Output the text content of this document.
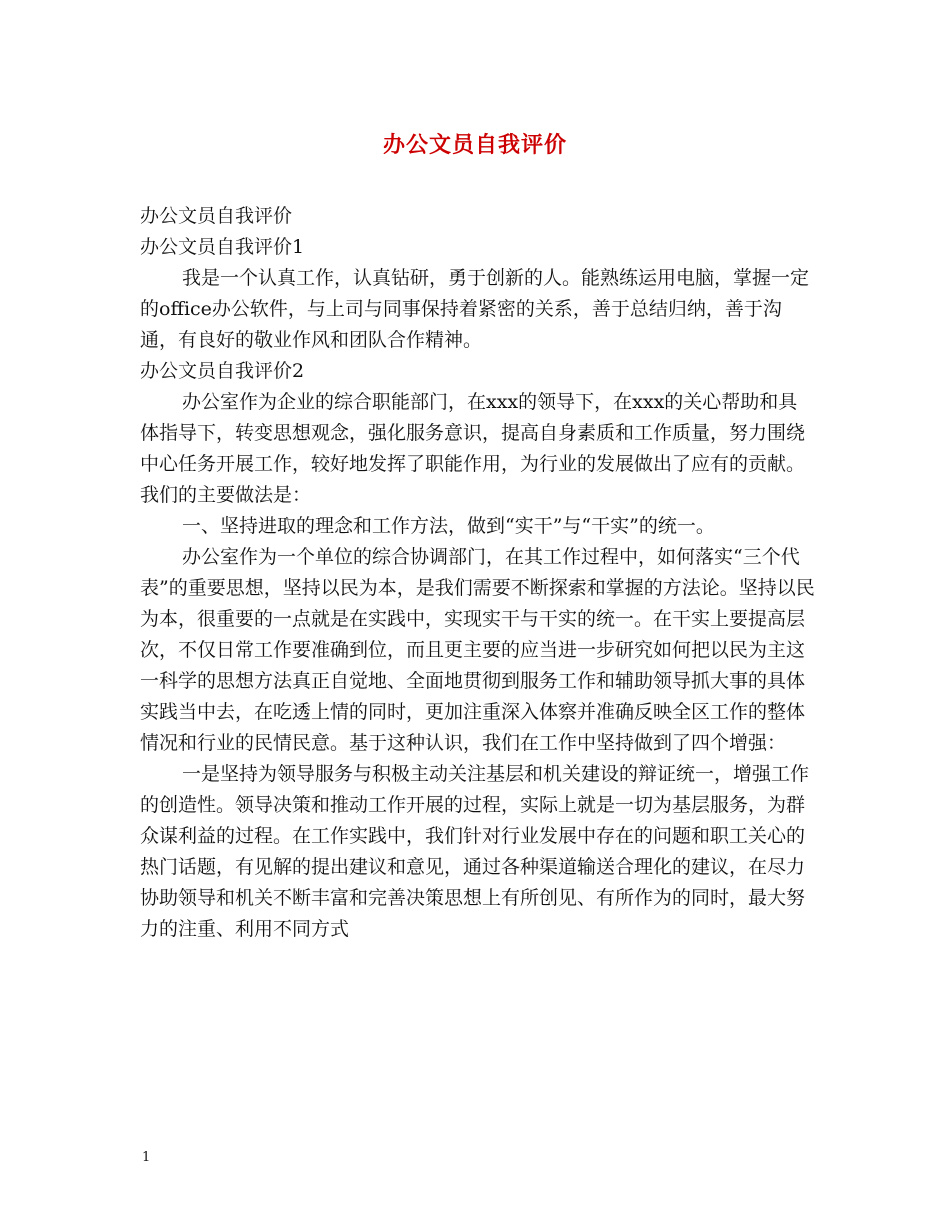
办公文员自我评价

办公文员自我评价

办公文员自我评价1

我是一个认真工作，认真钻研，勇于创新的人。能熟练运用电脑，掌握一定的office办公软件，与上司与同事保持着紧密的关系，善于总结归纳，善于沟通，有良好的敬业作风和团队合作精神。

办公文员自我评价2

办公室作为企业的综合职能部门，在xxx的领导下，在xxx的关心帮助和具体指导下，转变思想观念，强化服务意识，提高自身素质和工作质量，努力围绕中心任务开展工作，较好地发挥了职能作用，为行业的发展做出了应有的贡献。我们的主要做法是：

一、坚持进取的理念和工作方法，做到“实干”与“干实”的统一。

办公室作为一个单位的综合协调部门，在其工作过程中，如何落实“三个代表”的重要思想，坚持以民为本，是我们需要不断探索和掌握的方法论。坚持以民为本，很重要的一点就是在实践中，实现实干与干实的统一。在干实上要提高层次，不仅日常工作要准确到位，而且更主要的应当进一步研究如何把以民为主这一科学的思想方法真正自觉地、全面地贯彻到服务工作和辅助领导抓大事的具体实践当中去，在吃透上情的同时，更加注重深入体察并准确反映全区工作的整体情况和行业的民情民意。基于这种认识，我们在工作中坚持做到了四个增强：

一是坚持为领导服务与积极主动关注基层和机关建设的辩证统一，增强工作的创造性。领导决策和推动工作开展的过程，实际上就是一切为基层服务，为群众谋利益的过程。在工作实践中，我们针对行业发展中存在的问题和职工关心的热门话题，有见解的提出建议和意见，通过各种渠道输送合理化的建议，在尽力协助领导和机关不断丰富和完善决策思想上有所创见、有所作为的同时，最大努力的注重、利用不同方式

1
